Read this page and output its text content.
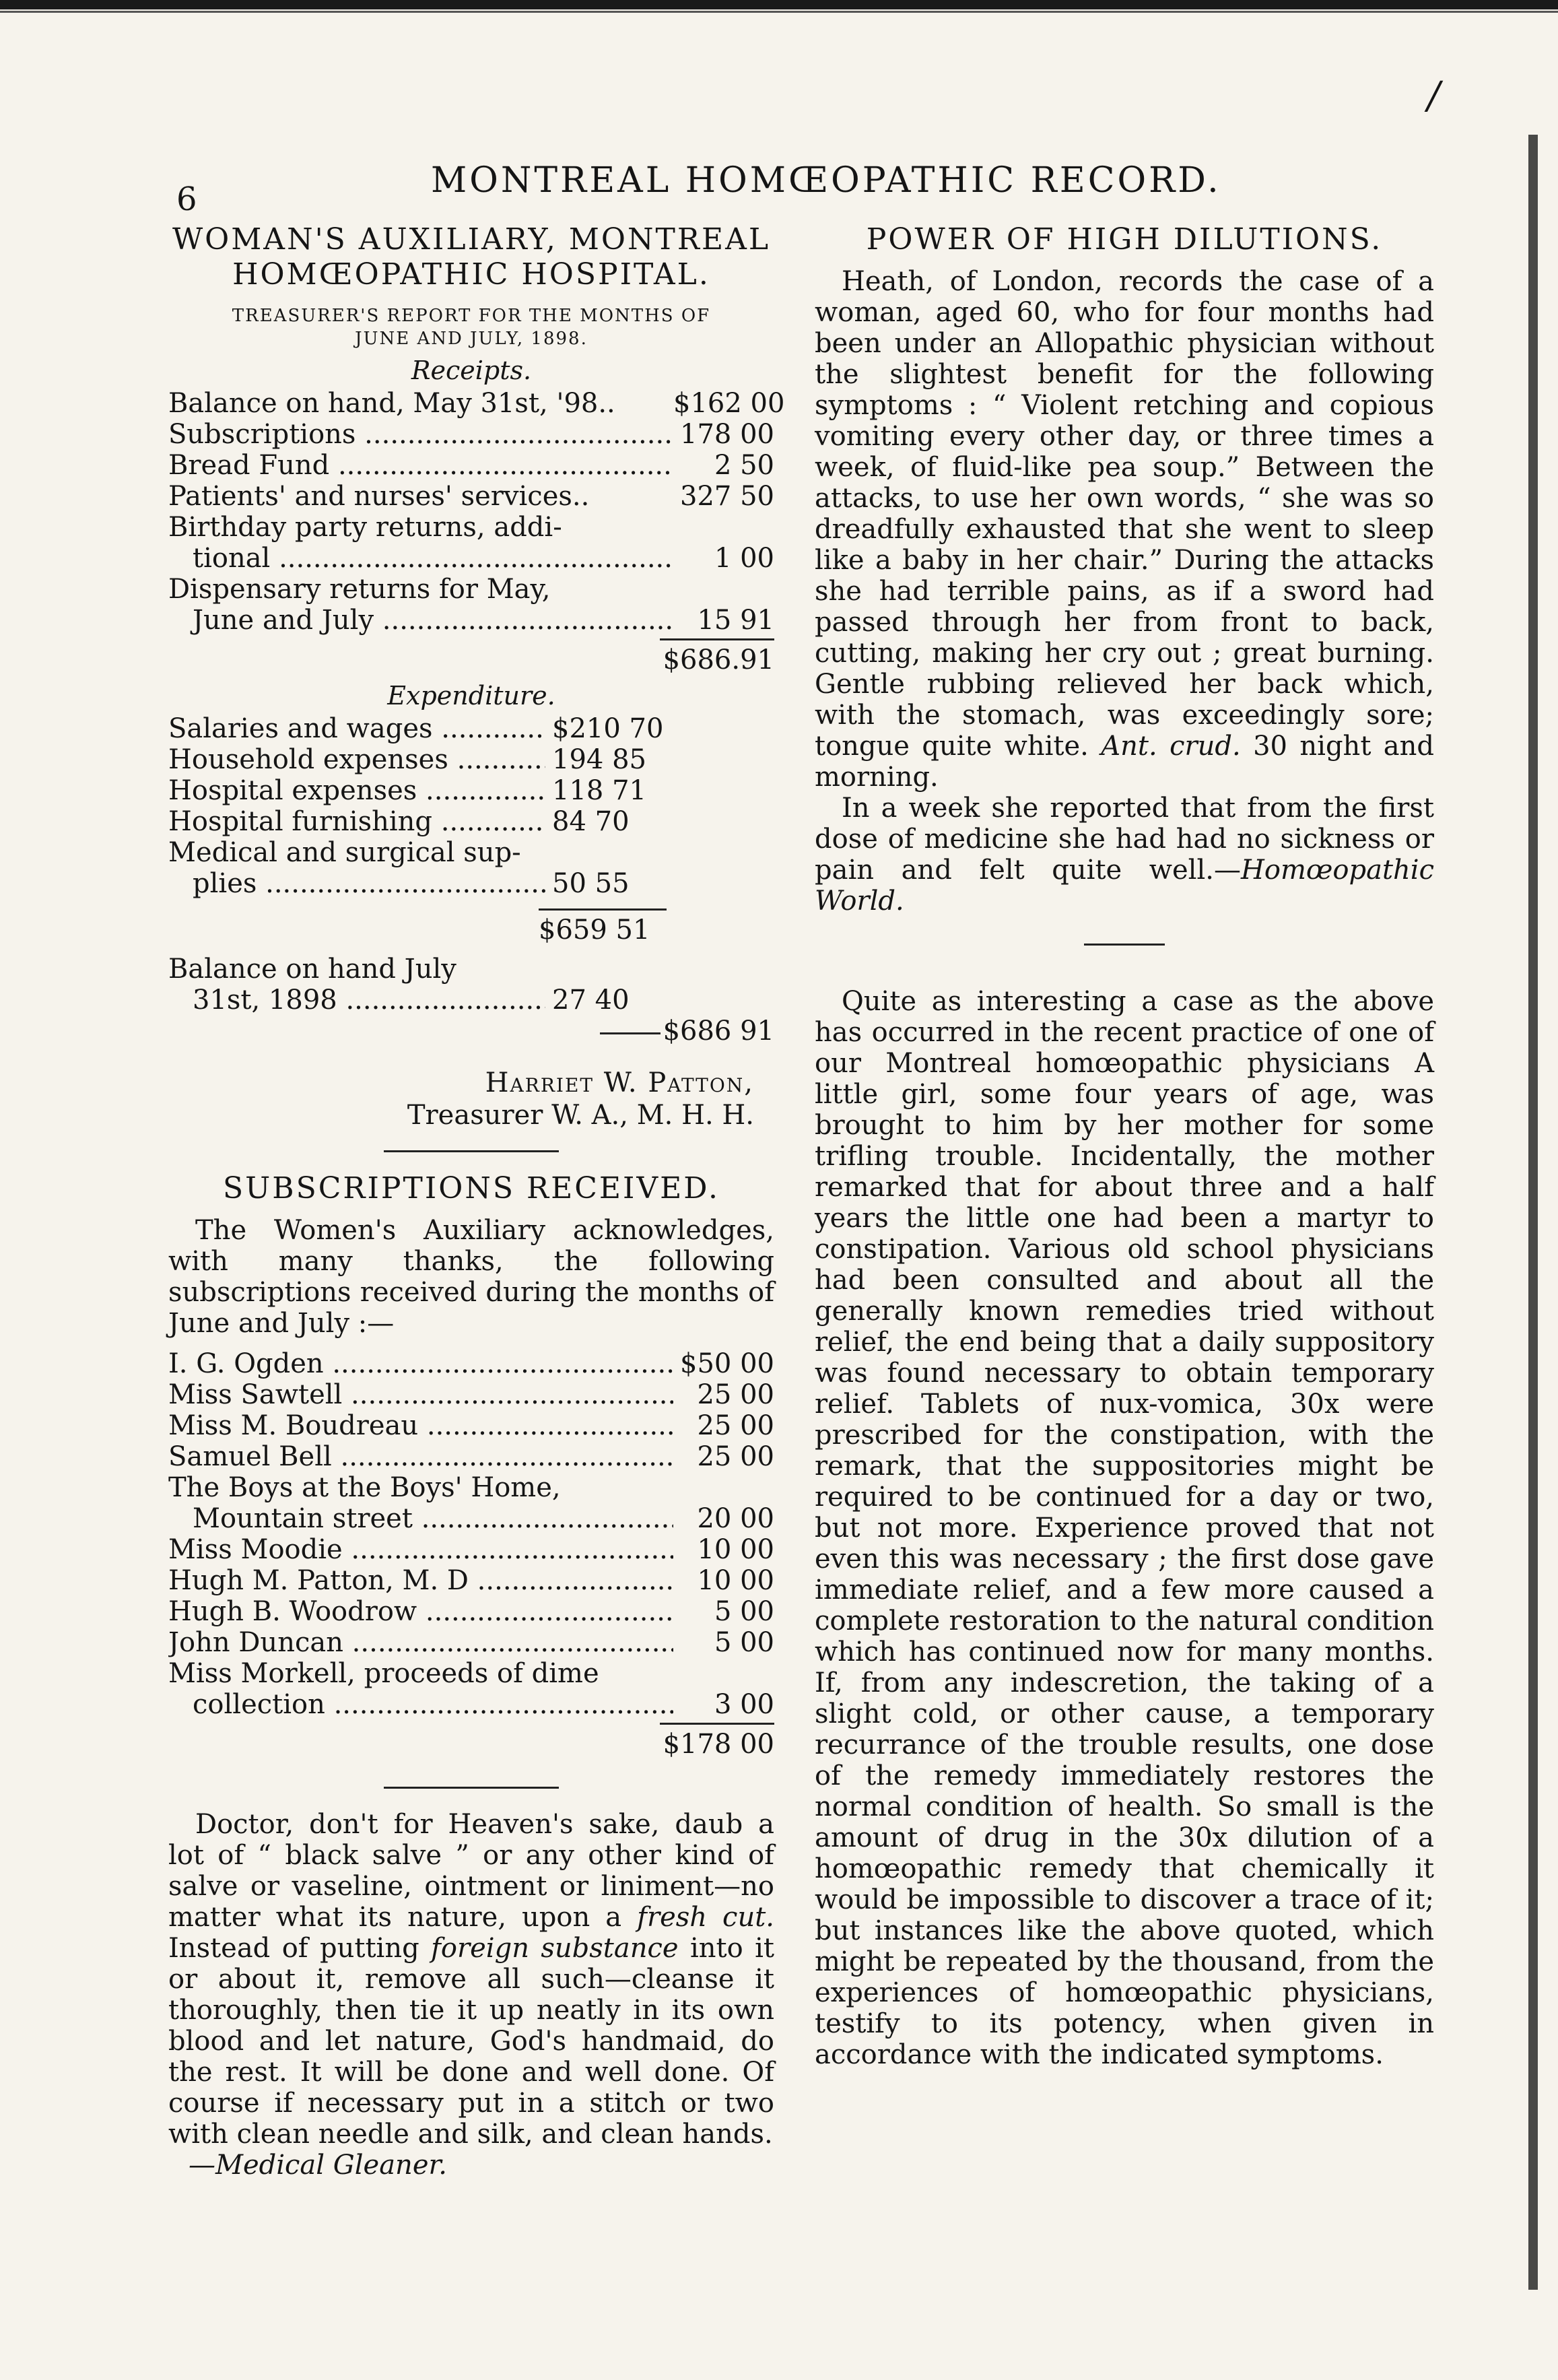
/
6	MONTREAL HOMŒOPATHIC RECORD.

WOMAN'S AUXILIARY, MONTREAL

HOMŒOPATHIC HOSPITAL.

TREASURER'S REPORT FOR THE MONTHS OF

JUNE AND JULY, 1898.

Receipts.
Balance on hand, May 31st, '98..	$162 00
Subscriptions .....	178 00
Bread Fund .....	2 50
Patients' and nurses' services..	327 50
Birthday party returns, addi-
tional .....	1 00
Dispensary returns for May,
June and July .....	15 91
$686.91
Expenditure.
Salaries and wages .....	$210 70
Household expenses .....	194 85
Hospital expenses .....	118 71
Hospital furnishing .....	84 70
Medical and surgical sup-
plies .....	50 55
$659 51
Balance on hand July
31st, 1898 .....	27 40
$686 91
Harriet W. Patton,
Treasurer W. A., M. H. H.
SUBSCRIPTIONS RECEIVED.

The Women's Auxiliary acknowledges, with many thanks, the following subscriptions received during the months of June and July :—

I. G. Ogden .....	$50 00
Miss Sawtell .....	25 00
Miss M. Boudreau .....	25 00
Samuel Bell .....	25 00
The Boys at the Boys' Home,
Mountain street .....	20 00
Miss Moodie .....	10 00
Hugh M. Patton, M. D .....	10 00
Hugh B. Woodrow .....	5 00
John Duncan .....	5 00
Miss Morkell, proceeds of dime
collection .....	3 00
$178 00

Doctor, don't for Heaven's sake, daub a lot of “ black salve ” or any other kind of salve or vaseline, ointment or liniment—no matter what its nature, upon a fresh cut. Instead of putting foreign substance into it or about it, remove all such—cleanse it thoroughly, then tie it up neatly in its own blood and let nature, God's handmaid, do the rest. It will be done and well done. Of course if necessary put in a stitch or two with clean needle and silk, and clean hands.

—Medical Gleaner.

POWER OF HIGH DILUTIONS.

Heath, of London, records the case of a woman, aged 60, who for four months had been under an Allopathic physician without the slightest benefit for the following symptoms : “ Violent retching and copious vomiting every other day, or three times a week, of fluid-like pea soup.” Between the attacks, to use her own words, “ she was so dreadfully exhausted that she went to sleep like a baby in her chair.” During the attacks she had terrible pains, as if a sword had passed through her from front to back, cutting, making her cry out ; great burning. Gentle rubbing relieved her back which, with the stomach, was exceedingly sore; tongue quite white. Ant. crud. 30 night and morning.

In a week she reported that from the first dose of medicine she had had no sickness or pain and felt quite well.—Homœopathic World.

Quite as interesting a case as the above has occurred in the recent practice of one of our Montreal homœopathic physicians A little girl, some four years of age, was brought to him by her mother for some trifling trouble. Incidentally, the mother remarked that for about three and a half years the little one had been a martyr to constipation. Various old school physicians had been consulted and about all the generally known remedies tried without relief, the end being that a daily suppository was found necessary to obtain temporary relief. Tablets of nux-vomica, 30x were prescribed for the constipation, with the remark, that the suppositories might be required to be continued for a day or two, but not more. Experience proved that not even this was necessary ; the first dose gave immediate relief, and a few more caused a complete restoration to the natural condition which has continued now for many months. If, from any indescretion, the taking of a slight cold, or other cause, a temporary recurrance of the trouble results, one dose of the remedy immediately restores the normal condition of health. So small is the amount of drug in the 30x dilution of a homœopathic remedy that chemically it would be impossible to discover a trace of it; but instances like the above quoted, which might be repeated by the thousand, from the experiences of homœopathic physicians, testify to its potency, when given in accordance with the indicated symptoms.
